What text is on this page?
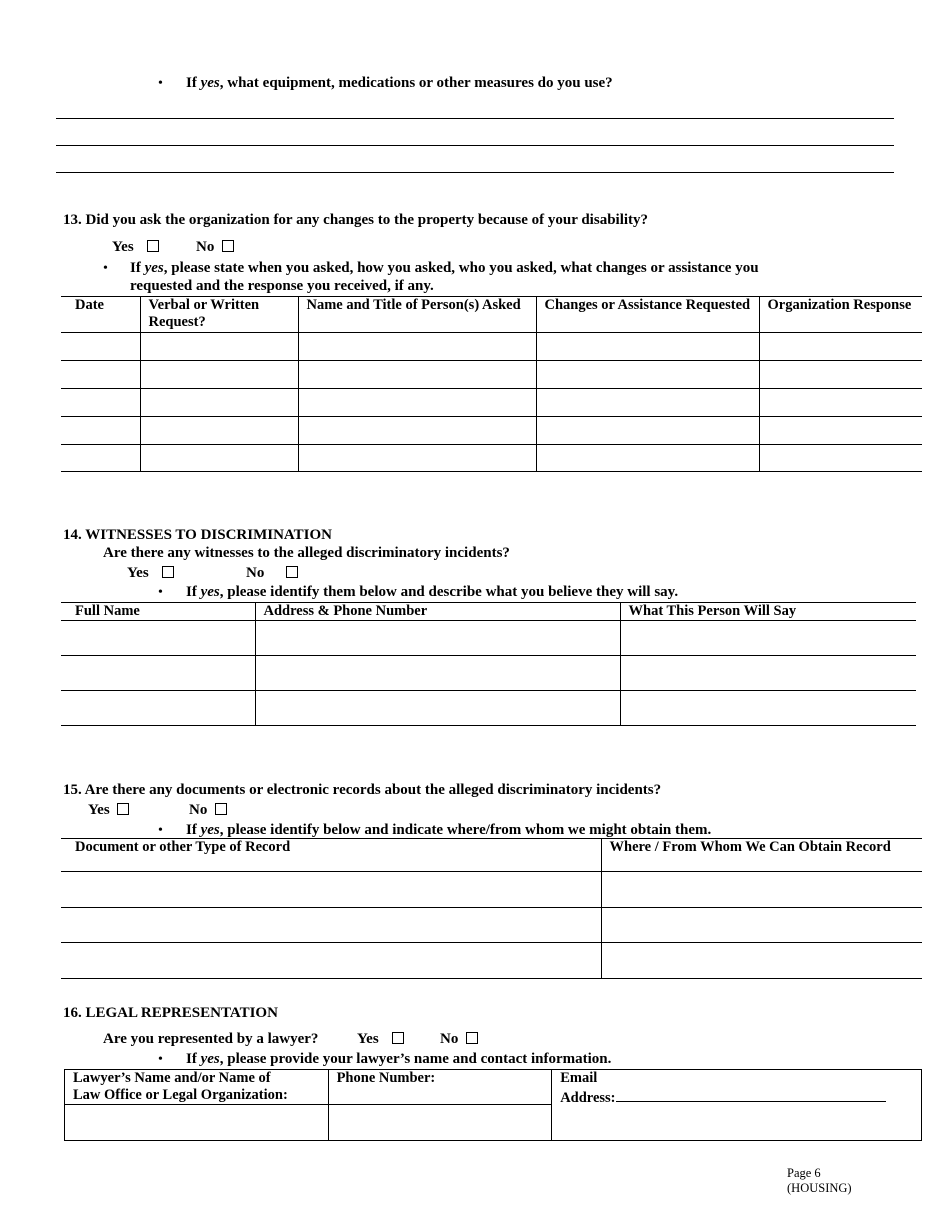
• If yes, what equipment, medications or other measures do you use?
13. Did you ask the organization for any changes to the property because of your disability?
Yes	No
• If yes, please state when you asked, how you asked, who you asked, what changes or assistance you
requested and the response you received, if any.
Date	Verbal or Written Request?	Name and Title of Person(s) Asked	Changes or Assistance Requested	Organization Response

14. WITNESSES TO DISCRIMINATION
Are there any witnesses to the alleged discriminatory incidents?
Yes	No
• If yes, please identify them below and describe what you believe they will say.
Full Name	Address & Phone Number	What This Person Will Say

15. Are there any documents or electronic records about the alleged discriminatory incidents?
Yes	No
• If yes, please identify below and indicate where/from whom we might obtain them.
Document or other Type of Record	Where / From Whom We Can Obtain Record

16. LEGAL REPRESENTATION
Are you represented by a lawyer?	Yes	No
• If yes, please provide your lawyer’s name and contact information.
Lawyer’s Name and/or Name of
Law Office or Legal Organization:	Phone Number:	Email
Address:

Page 6
(HOUSING)
